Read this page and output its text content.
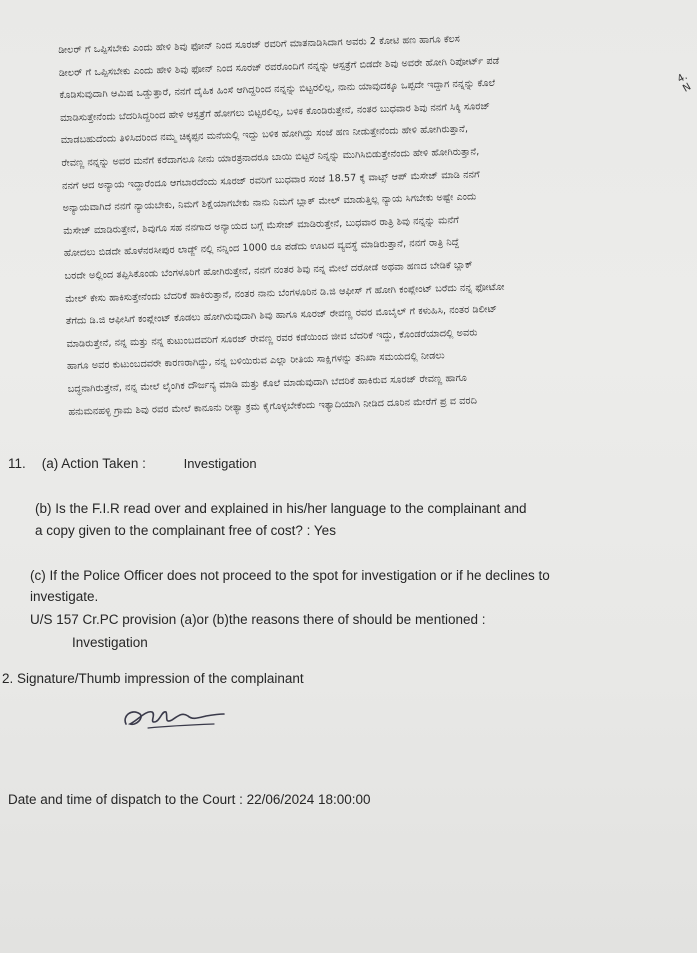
ಡೀಲರ್ ಗೆ ಒಪ್ಪಿಸಬೇಕು ಎಂದು ಹೇಳಿ ಶಿವು ಫೋನ್ ನಿಂದ ಸೂರಜ್ ರವರಿಗೆ ಮಾತನಾಡಿಸಿದಾಗ ಅವರು 2 ಕೋಟಿ ಹಣ ಹಾಗೂ ಕೆಲಸ
ಡೀಲರ್ ಗೆ ಒಪ್ಪಿಸಬೇಕು ಎಂದು ಹೇಳಿ ಶಿವು ಫೋನ್ ನಿಂದ ಸೂರಜ್ ರವರೊಂದಿಗೆ ನನ್ನನ್ನು ಆಸ್ಪತ್ರೆಗೆ ಬಿಡದೇ ಶಿವು ಅವರೇ ಹೋಗಿ ರಿಪೋರ್ಟ್ ಪಡೆ
ಕೊಡಿಸುವುದಾಗಿ ಆಮಿಷ ಒಡ್ಡುತ್ತಾರೆ, ನನಗೆ ದೈಹಿಕ ಹಿಂಸೆ ಆಗಿದ್ದರಿಂದ ನನ್ನನ್ನು ಬಿಟ್ಟರಲಿಲ್ಲ, ನಾನು ಯಾವುದಕ್ಕೂ ಒಪ್ಪದೇ ಇದ್ದಾಗ ನನ್ನನ್ನು ಕೊಲೆ
ಮಾಡಿಸುತ್ತೇನೆಂದು ಬೆದರಿಸಿದ್ದರಿಂದ ಹೇಳಿ ಆಸ್ಪತ್ರೆಗೆ ಹೋಗಲು ಬಿಟ್ಟರಲಿಲ್ಲ, ಬಳಿಕ ಕೊಂಡಿರುತ್ತೇನೆ, ನಂತರ ಬುಧವಾರ ಶಿವು ನನಗೆ ಸಿಕ್ಕಿ ಸೂರಜ್
ಮಾಡಬಹುದೆಂದು ತಿಳಿಸಿದರಿಂದ ನಮ್ಮ ಚಿಕ್ಕಪ್ಪನ ಮನೆಯಲ್ಲಿ ಇದ್ದು ಬಳಿಕ ಹೋಗಿದ್ದು ಸಂಜೆ ಹಣ ನೀಡುತ್ತೇನೆಂದು ಹೇಳಿ ಹೋಗಿರುತ್ತಾನೆ,
ರೇವಣ್ಣ ನನ್ನನ್ನು ಅವರ ಮನೆಗೆ ಕರೆದಾಗಲೂ ನೀನು ಯಾರತ್ರನಾದರೂ ಬಾಯಿ ಬಿಟ್ಟರೆ ನಿನ್ನನ್ನು ಮುಗಿಸಿಬಿಡುತ್ತೇನೆಂದು ಹೇಳಿ ಹೋಗಿರುತ್ತಾನೆ,
ನನಗೆ ಆದ ಅನ್ಯಾಯ ಇದ್ದಾರೆಂದೂ ಆಗಬಾರದೆಂದು ಸೂರಜ್ ರವರಿಗೆ ಬುಧವಾರ ಸಂಜೆ 18.57 ಕ್ಕೆ ವಾಟ್ಸ್ ಆಪ್ ಮೆಸೇಜ್ ಮಾಡಿ ನನಗೆ
ಅನ್ಯಾಯವಾಗಿದೆ ನನಗೆ ನ್ಯಾಯಬೇಕು, ನಿಮಗೆ ಶಿಕ್ಷೆಯಾಗಬೇಕು ನಾನು ನಿಮಗೆ ಬ್ಲಾಕ್ ಮೇಲ್ ಮಾಡುತ್ತಿಲ್ಲ ನ್ಯಾಯ ಸಿಗಬೇಕು ಅಷ್ಟೇ ಎಂದು
ಮೆಸೇಜ್ ಮಾಡಿರುತ್ತೇನೆ, ಶಿವುಗೂ ಸಹ ನನಗಾದ ಅನ್ಯಾಯದ ಬಗ್ಗೆ ಮೆಸೇಜ್ ಮಾಡಿರುತ್ತೇನೆ, ಬುಧವಾರ ರಾತ್ರಿ ಶಿವು ನನ್ನನ್ನು ಮನೆಗೆ
ಹೋದಲು ಬಿಡದೇ ಹೊಳೆನರಸೀಪುರ ಲಾಡ್ಜ್ ನಲ್ಲಿ ನನ್ನಿಂದ 1000 ರೂ ಪಡೆದು ಊಟದ ವ್ಯವಸ್ಥೆ ಮಾಡಿರುತ್ತಾನೆ, ನನಗೆ ರಾತ್ರಿ ನಿದ್ದೆ
ಬರದೇ ಅಲ್ಲಿಂದ ತಪ್ಪಿಸಿಕೊಂಡು ಬೆಂಗಳೂರಿಗೆ ಹೋಗಿರುತ್ತೇನೆ, ನನಗೆ ನಂತರ ಶಿವು ನನ್ನ ಮೇಲೆ ದರೋಡೆ ಅಥವಾ ಹಣದ ಬೇಡಿಕೆ ಬ್ಲಾಕ್
ಮೇಲ್ ಕೇಸು ಹಾಕಿಸುತ್ತೇನೆಂದು ಬೆದರಿಕೆ ಹಾಕಿರುತ್ತಾನೆ, ನಂತರ ನಾನು ಬೆಂಗಳೂರಿನ ಡಿ.ಜಿ ಆಫೀಸ್ ಗೆ ಹೋಗಿ ಕಂಪ್ಲೇಂಟ್ ಬರೆದು ನನ್ನ ಫೋಟೋ
ತೆಗೆದು ಡಿ.ಜಿ ಆಫೀಸಿಗೆ ಕಂಪ್ಲೇಂಟ್ ಕೊಡಲು ಹೋಗಿರುವುದಾಗಿ ಶಿವು ಹಾಗೂ ಸೂರಜ್ ರೇವಣ್ಣ ರವರ ಮೊಬೈಲ್ ಗೆ ಕಳುಹಿಸಿ, ನಂತರ ಡಿಲೀಟ್
ಮಾಡಿರುತ್ತೇನೆ, ನನ್ನ ಮತ್ತು ನನ್ನ ಕುಟುಂಬದವರಿಗೆ ಸೂರಜ್ ರೇವಣ್ಣ ರವರ ಕಡೆಯಿಂದ ಜೀವ ಬೆದರಿಕೆ ಇದ್ದು, ಕೊಂಡರೆಯಾದಲ್ಲಿ ಅವರು
ಹಾಗೂ ಅವರ ಕುಟುಂಬದವರೇ ಕಾರಣರಾಗಿದ್ದು, ನನ್ನ ಬಳಿಯಿರುವ ಎಲ್ಲಾ ರೀತಿಯ ಸಾಕ್ಷಿಗಳನ್ನು ತನಿಖಾ ಸಮಯದಲ್ಲಿ ನೀಡಲು
ಬದ್ಧನಾಗಿರುತ್ತೇನೆ, ನನ್ನ ಮೇಲೆ ಲೈಂಗಿಕ ದೌರ್ಜನ್ಯ ಮಾಡಿ ಮತ್ತು ಕೊಲೆ ಮಾಡುವುದಾಗಿ ಬೆದರಿಕೆ ಹಾಕಿರುವ ಸೂರಜ್ ರೇವಣ್ಣ ಹಾಗೂ
ಹನುಮನಹಳ್ಳಿ ಗ್ರಾಮ ಶಿವು ರವರ ಮೇಲೆ ಕಾನೂನು ರೀತ್ಯಾ ಕ್ರಮ ಕೈಗೊಳ್ಳಬೇಕೆಂದು ಇತ್ಯಾದಿಯಾಗಿ ನೀಡಿದ ದೂರಿನ ಮೇರೆಗೆ ಪ್ರ ವ ವರದಿ
4. N
11. (a) Action Taken :	Investigation
(b) Is the F.I.R read over and explained in his/her language to the complainant and
a copy given to the complainant free of cost? : Yes
(c) If the Police Officer does not proceed to the spot for investigation or if he declines to
investigate.
U/S 157 Cr.PC provision (a)or (b)the reasons there of should be mentioned :
Investigation
2. Signature/Thumb impression of the complainant
Date and time of dispatch to the Court : 22/06/2024 18:00:00
